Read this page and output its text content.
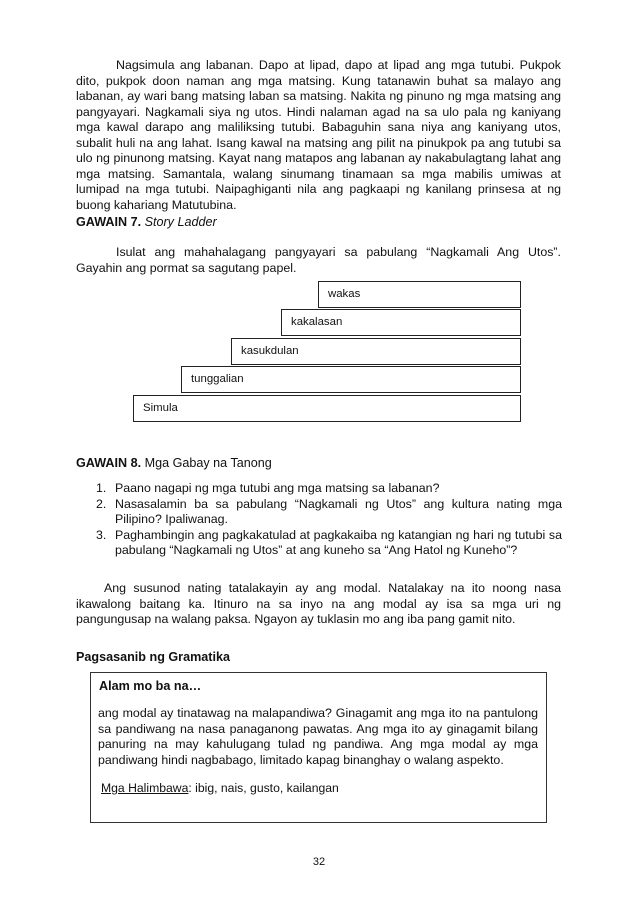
Nagsimula ang labanan. Dapo at lipad, dapo at lipad ang mga tutubi. Pukpok dito, pukpok doon naman ang mga matsing. Kung tatanawin buhat sa malayo ang labanan, ay wari bang matsing laban sa matsing. Nakita ng pinuno ng mga matsing ang pangyayari. Nagkamali siya ng utos. Hindi nalaman agad na sa ulo pala ng kaniyang mga kawal darapo ang maliliksing tutubi. Babaguhin sana niya ang kaniyang utos, subalit huli na ang lahat. Isang kawal na matsing ang pilit na pinukpok pa ang tutubi sa ulo ng pinunong matsing. Kayat nang matapos ang labanan ay nakabulagtang lahat ang mga matsing. Samantala, walang sinumang tinamaan sa mga mabilis umiwas at lumipad na mga tutubi. Naipaghiganti nila ang pagkaapi ng kanilang prinsesa at ng buong kahariang Matutubina.

GAWAIN 7. Story Ladder

Isulat ang mahahalagang pangyayari sa pabulang “Nagkamali Ang Utos”. Gayahin ang pormat sa sagutang papel.

wakas
kakalasan
kasukdulan
tunggalian
Simula
GAWAIN 8. Mga Gabay na Tanong
1. Paano nagapi ng mga tutubi ang mga matsing sa labanan?
2. Nasasalamin ba sa pabulang “Nagkamali ng Utos” ang kultura nating mga Pilipino? Ipaliwanag.
3. Paghambingin ang pagkakatulad at pagkakaiba ng katangian ng hari ng tutubi sa pabulang “Nagkamali ng Utos” at ang kuneho sa “Ang Hatol ng Kuneho”?

Ang susunod nating tatalakayin ay ang modal. Natalakay na ito noong nasa ikawalong baitang ka. Itinuro na sa inyo na ang modal ay isa sa mga uri ng pangungusap na walang paksa. Ngayon ay tuklasin mo ang iba pang gamit nito.

Pagsasanib ng Gramatika
Alam mo ba na…

ang modal ay tinatawag na malapandiwa? Ginagamit ang mga ito na pantulong sa pandiwang na nasa panaganong pawatas. Ang mga ito ay ginagamit bilang panuring na may kahulugang tulad ng pandiwa. Ang mga modal ay mga pandiwang hindi nagbabago, limitado kapag binanghay o walang aspekto.

Mga Halimbawa: ibig, nais, gusto, kailangan
32
